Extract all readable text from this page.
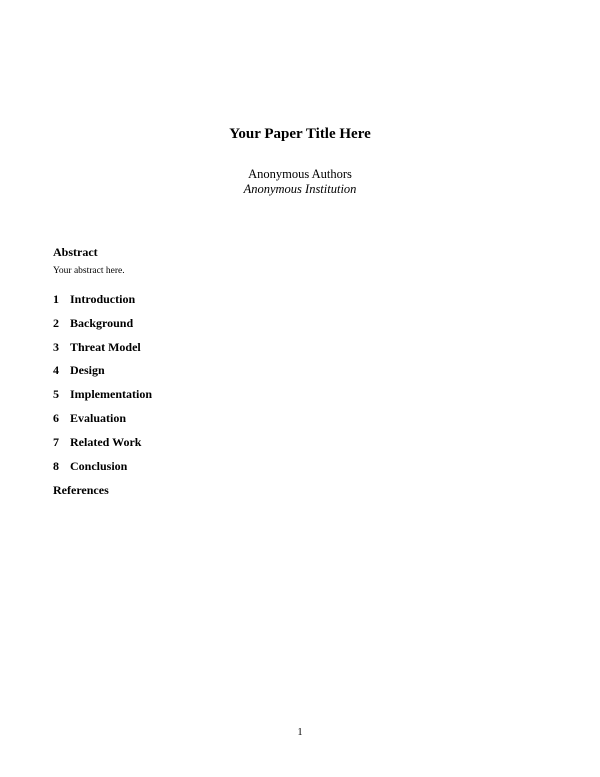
Your Paper Title Here
Anonymous Authors
Anonymous Institution
Abstract
Your abstract here.
1 Introduction
2 Background
3 Threat Model
4 Design
5 Implementation
6 Evaluation
7 Related Work
8 Conclusion
References
1
